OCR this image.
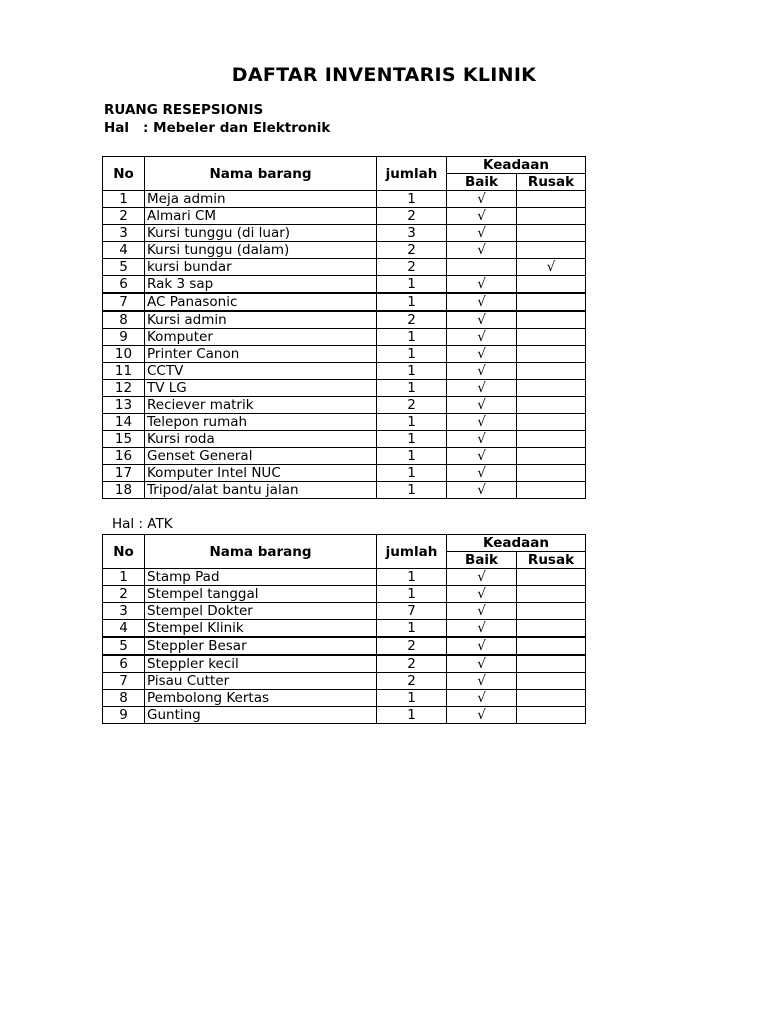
DAFTAR INVENTARIS KLINIK
RUANG RESEPSIONIS
Hal : Mebeler dan Elektronik
No	Nama barang	jumlah	Keadaan	
			Baik	Rusak
1	Meja admin	1	√	
2	Almari CM	2	√	
3	Kursi tunggu (di luar)	3	√	
4	Kursi tunggu (dalam)	2	√	
5	kursi bundar	2		√
6	Rak 3 sap	1	√	
7	AC Panasonic	1	√	
8	Kursi admin	2	√	
9	Komputer	1	√	
10	Printer Canon	1	√	
11	CCTV	1	√	
12	TV LG	1	√	
13	Reciever matrik	2	√	
14	Telepon rumah	1	√	
15	Kursi roda	1	√	
16	Genset General	1	√	
17	Komputer Intel NUC	1	√	
18	Tripod/alat bantu jalan	1	√	
Hal : ATK
No	Nama barang	jumlah	Keadaan	
			Baik	Rusak
1	Stamp Pad	1	√	
2	Stempel tanggal	1	√	
3	Stempel Dokter	7	√	
4	Stempel Klinik	1	√	
5	Steppler Besar	2	√	
6	Steppler kecil	2	√	
7	Pisau Cutter	2	√	
8	Pembolong Kertas	1	√	
9	Gunting	1	√	
